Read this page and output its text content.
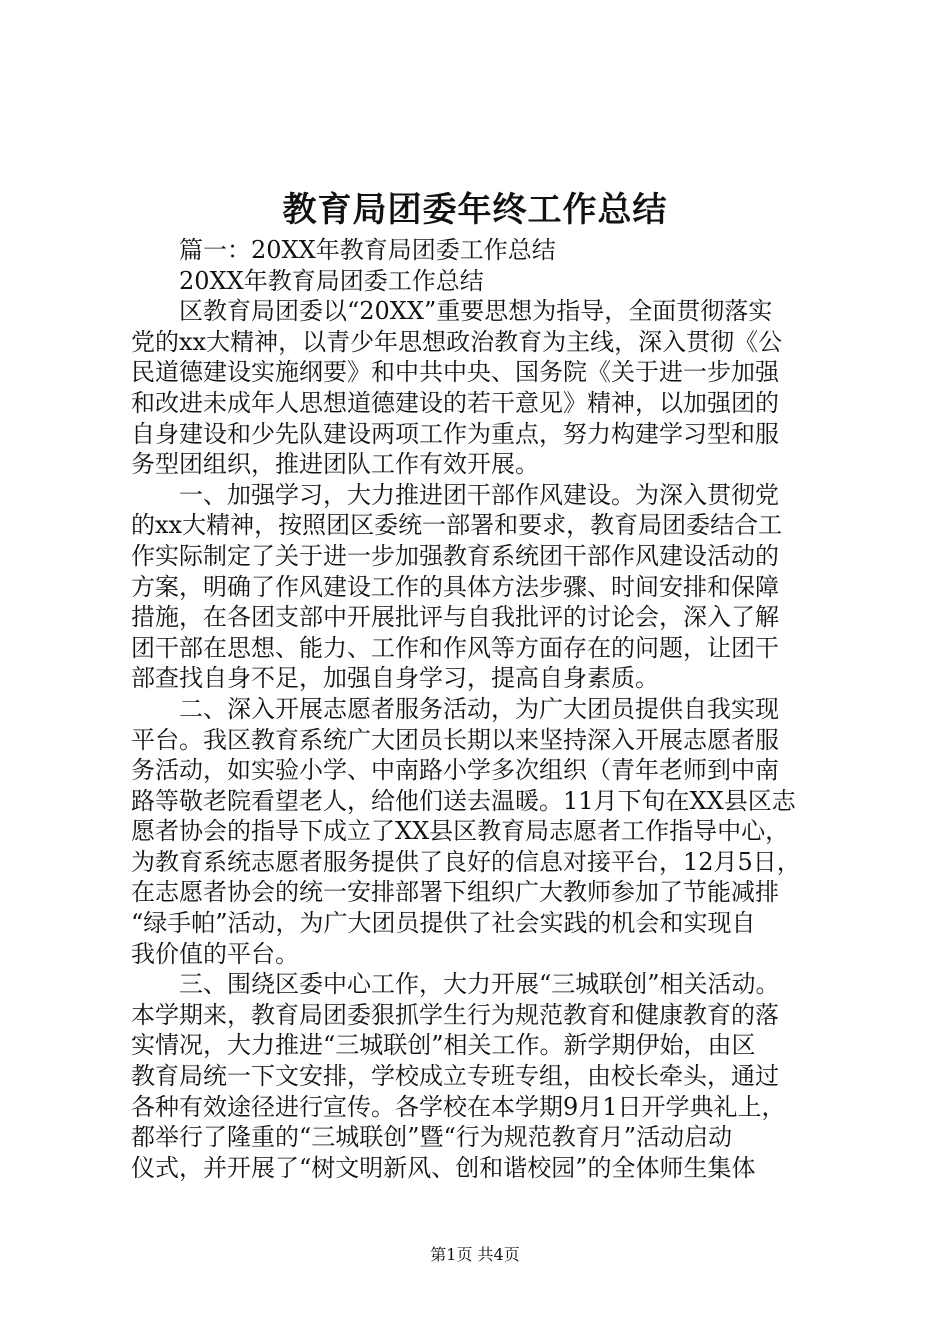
教育局团委年终工作总结
　　篇一：20XX年教育局团委工作总结
　　20XX年教育局团委工作总结
　　区教育局团委以“20XX”重要思想为指导，全面贯彻落实
党的xx大精神，以青少年思想政治教育为主线，深入贯彻《公
民道德建设实施纲要》和中共中央、国务院《关于进一步加强
和改进未成年人思想道德建设的若干意见》精神，以加强团的
自身建设和少先队建设两项工作为重点，努力构建学习型和服
务型团组织，推进团队工作有效开展。
　　一、加强学习，大力推进团干部作风建设。为深入贯彻党
的xx大精神，按照团区委统一部署和要求，教育局团委结合工
作实际制定了关于进一步加强教育系统团干部作风建设活动的
方案，明确了作风建设工作的具体方法步骤、时间安排和保障
措施，在各团支部中开展批评与自我批评的讨论会，深入了解
团干部在思想、能力、工作和作风等方面存在的问题，让团干
部查找自身不足，加强自身学习，提高自身素质。
　　二、深入开展志愿者服务活动，为广大团员提供自我实现
平台。我区教育系统广大团员长期以来坚持深入开展志愿者服
务活动，如实验小学、中南路小学多次组织（青年老师到中南
路等敬老院看望老人，给他们送去温暖。11月下旬在XX县区志
愿者协会的指导下成立了XX县区教育局志愿者工作指导中心，
为教育系统志愿者服务提供了良好的信息对接平台，12月5日，
在志愿者协会的统一安排部署下组织广大教师参加了节能减排
“绿手帕”活动，为广大团员提供了社会实践的机会和实现自
我价值的平台。
　　三、围绕区委中心工作，大力开展“三城联创”相关活动。
本学期来，教育局团委狠抓学生行为规范教育和健康教育的落
实情况，大力推进“三城联创”相关工作。新学期伊始，由区
教育局统一下文安排，学校成立专班专组，由校长牵头，通过
各种有效途径进行宣传。各学校在本学期9月1日开学典礼上，
都举行了隆重的“三城联创”暨“行为规范教育月”活动启动
仪式，并开展了“树文明新风、创和谐校园”的全体师生集体
第1页 共4页
